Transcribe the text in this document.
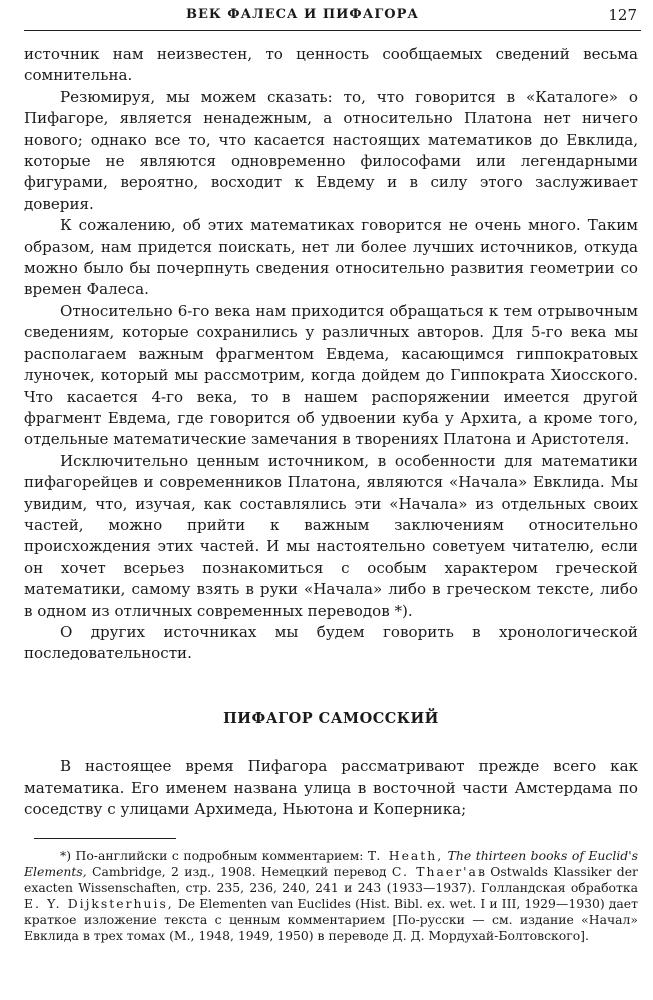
ВЕК ФАЛЕСА И ПИФАГОРА	127

источник нам неизвестен, то ценность сообщаемых сведений весьма сомнительна.

Резюмируя, мы можем сказать: то, что говорится в «Каталоге» о Пифагоре, является ненадежным, а относительно Платона нет ничего нового; однако все то, что касается настоящих математиков до Евклида, которые не являются одновременно философами или легендарными фигурами, вероятно, восходит к Евдему и в силу этого заслуживает доверия.

К сожалению, об этих математиках говорится не очень много. Таким образом, нам придется поискать, нет ли более лучших источников, откуда можно было бы почерпнуть сведения относительно развития геометрии со времен Фалеса.

Относительно 6-го века нам приходится обращаться к тем отрывочным сведениям, которые сохранились у различных авторов. Для 5-го века мы располагаем важным фрагментом Евдема, касающимся гиппократовых луночек, который мы рассмотрим, когда дойдем до Гиппократа Хиосского. Что касается 4-го века, то в нашем распоряжении имеется другой фрагмент Евдема, где говорится об удвоении куба у Архита, а кроме того, отдельные математические замечания в творениях Платона и Аристотеля.

Исключительно ценным источником, в особенности для математики пифагорейцев и современников Платона, являются «Начала» Евклида. Мы увидим, что, изучая, как составлялись эти «Начала» из отдельных своих частей, можно прийти к важным заключениям относительно происхождения этих частей. И мы настоятельно советуем читателю, если он хочет всерьез познакомиться с особым характером греческой математики, самому взять в руки «Начала» либо в греческом тексте, либо в одном из отличных современных переводов *).

О других источниках мы будем говорить в хронологической последовательности.

ПИФАГОР САМОССКИЙ

В настоящее время Пифагора рассматривают прежде всего как математика. Его именем названа улица в восточной части Амстердама по соседству с улицами Архимеда, Ньютона и Коперника;

*) По-английски с подробным комментарием: T. Heath, The thirteen books of Euclid's Elements, Cambridge, 2 изд., 1908. Немецкий перевод C. Thaer'ав Ostwalds Klassiker der exacten Wissenschaften, стр. 235, 236, 240, 241 и 243 (1933—1937). Голландская обработка E. Y. Dijksterhuis, De Elementen van Euclides (Hist. Bibl. ex. wet. I и III, 1929—1930) дает краткое изложение текста с ценным комментарием [По-русски — см. издание «Начал» Евклида в трех томах (М., 1948, 1949, 1950) в переводе Д. Д. Мордухай-Болтовского].
